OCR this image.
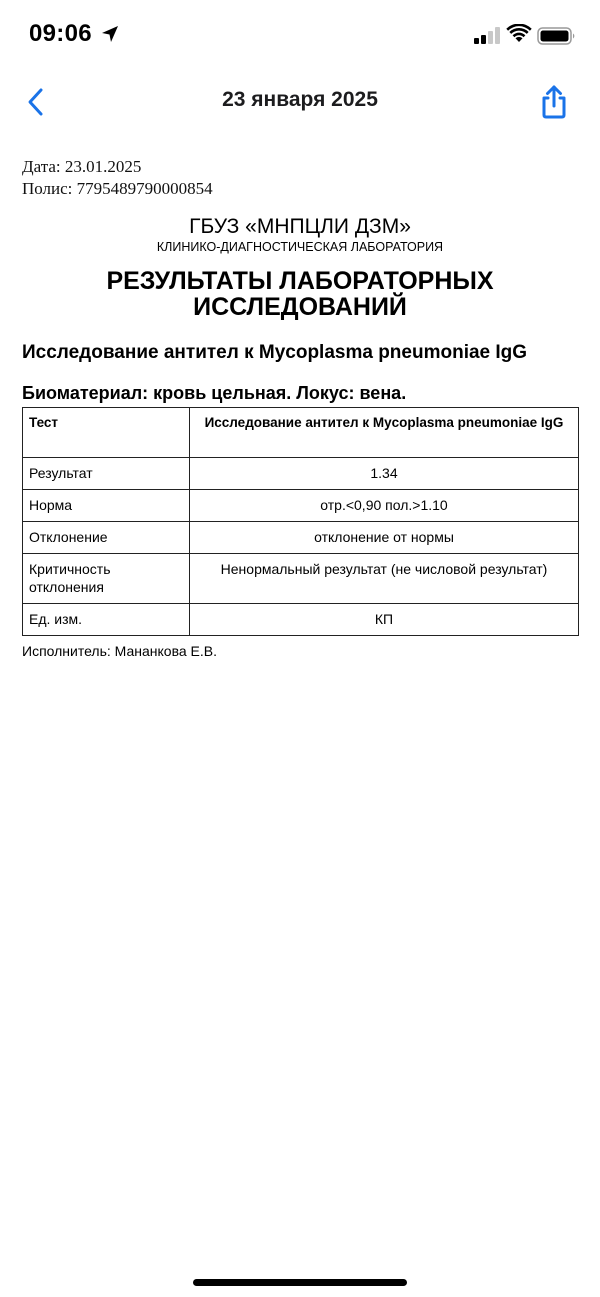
09:06
23 января 2025
Дата: 23.01.2025
Полис: 7795489790000854
ГБУЗ «МНПЦЛИ ДЗМ»
КЛИНИКО-ДИАГНОСТИЧЕСКАЯ ЛАБОРАТОРИЯ
РЕЗУЛЬТАТЫ ЛАБОРАТОРНЫХ
ИССЛЕДОВАНИЙ
Исследование антител к Mycoplasma pneumoniae IgG
Биоматериал: кровь цельная. Локус: вена.
Тест	Исследование антител к Mycoplasma pneumoniae IgG
Результат	1.34
Норма	отр.<0,90 пол.>1.10
Отклонение	отклонение от нормы
Критичность отклонения	Ненормальный результат (не числовой результат)
Ед. изм.	КП
Исполнитель: Мананкова Е.В.
